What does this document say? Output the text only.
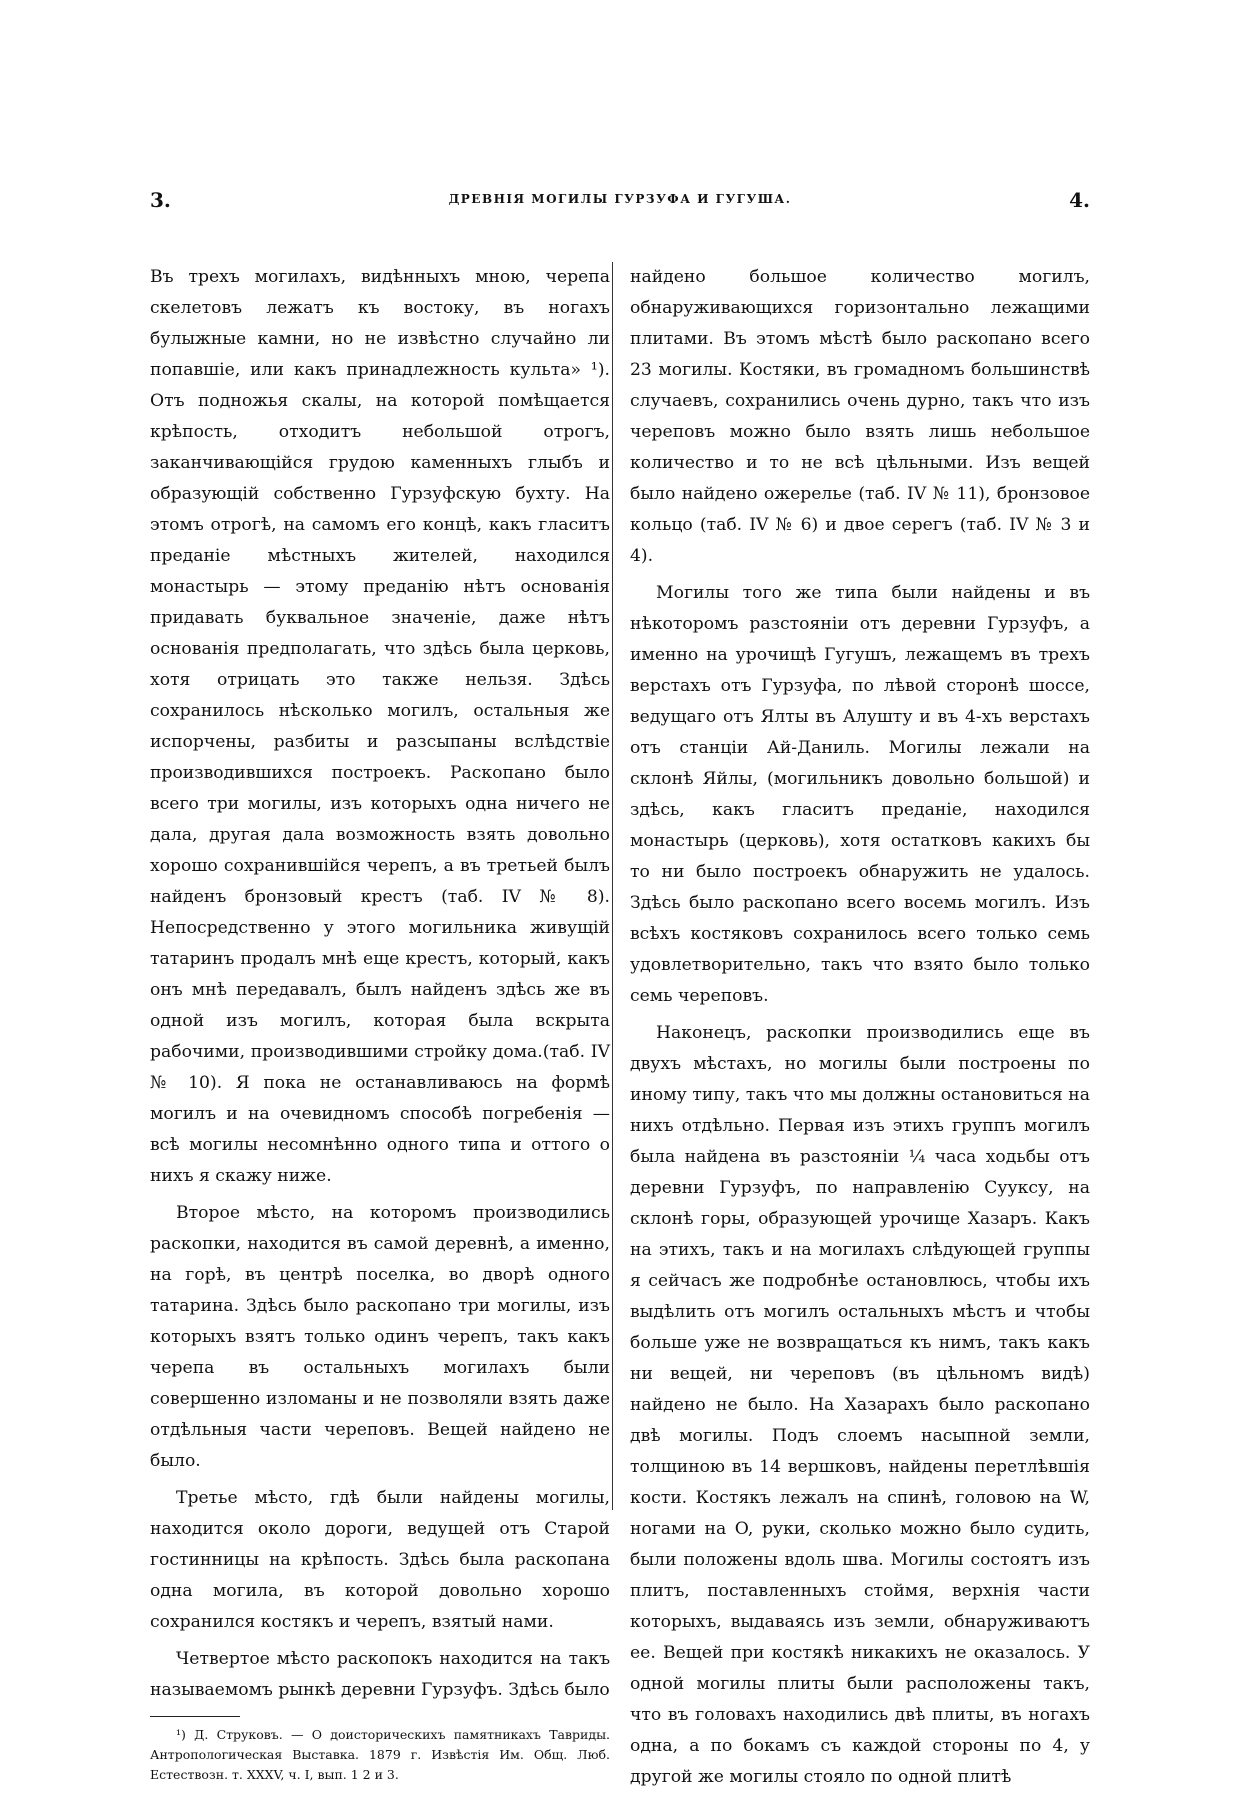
3.	ДРЕВНІЯ МОГИЛЫ ГУРЗУФА И ГУГУША.	4.

Въ трехъ могилахъ, видѣнныхъ мною, черепа скелетовъ лежатъ къ востоку, въ ногахъ булыжные камни, но не извѣстно случайно ли попавшіе, или какъ принадлежность культа» ¹). Отъ подножья скалы, на которой помѣщается крѣпость, отходитъ небольшой отрогъ, заканчивающійся грудою каменныхъ глыбъ и образующій собственно Гурзуфскую бухту. На этомъ отрогѣ, на самомъ его концѣ, какъ гласитъ преданіе мѣстныхъ жителей, находился монастырь — этому преданію нѣтъ основанія придавать буквальное значеніе, даже нѣтъ основанія предполагать, что здѣсь была церковь, хотя отрицать это также нельзя. Здѣсь сохранилось нѣсколько могилъ, остальныя же испорчены, разбиты и разсыпаны вслѣдствіе производившихся построекъ. Раскопано было всего три могилы, изъ которыхъ одна ничего не дала, другая дала возможность взять довольно хорошо сохранившійся черепъ, а въ третьей былъ найденъ бронзовый крестъ (таб. IV № 8). Непосредственно у этого могильника живущій татаринъ продалъ мнѣ еще крестъ, который, какъ онъ мнѣ передавалъ, былъ найденъ здѣсь же въ одной изъ могилъ, которая была вскрыта рабочими, производившими стройку дома.(таб. IV № 10). Я пока не останавливаюсь на формѣ могилъ и на очевидномъ способѣ погребенія — всѣ могилы несомнѣнно одного типа и оттого о нихъ я скажу ниже.

Второе мѣсто, на которомъ производились раскопки, находится въ самой деревнѣ, а именно, на горѣ, въ центрѣ поселка, во дворѣ одного татарина. Здѣсь было раскопано три могилы, изъ которыхъ взятъ только одинъ черепъ, такъ какъ черепа въ остальныхъ могилахъ были совершенно изломаны и не позволяли взять даже отдѣльныя части череповъ. Вещей найдено не было.

Третье мѣсто, гдѣ были найдены могилы, находится около дороги, ведущей отъ Старой гостинницы на крѣпость. Здѣсь была раскопана одна могила, въ которой довольно хорошо сохранился костякъ и черепъ, взятый нами.

Четвертое мѣсто раскопокъ находится на такъ называемомъ рынкѣ деревни Гурзуфъ. Здѣсь было

¹) Д. Струковъ. — О доисторическихъ памятникахъ Тавриды. Антропологическая Выставка. 1879 г. Извѣстія Им. Общ. Люб. Естествозн. т. XXXV, ч. I, вып. 1 2 и 3.

найдено большое количество могилъ, обнаруживающихся горизонтально лежащими плитами. Въ этомъ мѣстѣ было раскопано всего 23 могилы. Костяки, въ громадномъ большинствѣ случаевъ, сохранились очень дурно, такъ что изъ череповъ можно было взять лишь небольшое количество и то не всѣ цѣльными. Изъ вещей было найдено ожерелье (таб. IV № 11), бронзовое кольцо (таб. IV № 6) и двое серегъ (таб. IV № 3 и 4).

Могилы того же типа были найдены и въ нѣкоторомъ разстояніи отъ деревни Гурзуфъ, а именно на урочищѣ Гугушъ, лежащемъ въ трехъ верстахъ отъ Гурзуфа, по лѣвой сторонѣ шоссе, ведущаго отъ Ялты въ Алушту и въ 4-хъ верстахъ отъ станціи Ай-Даниль. Могилы лежали на склонѣ Яйлы, (могильникъ довольно большой) и здѣсь, какъ гласитъ преданіе, находился монастырь (церковь), хотя остатковъ какихъ бы то ни было построекъ обнаружить не удалось. Здѣсь было раскопано всего восемь могилъ. Изъ всѣхъ костяковъ сохранилось всего только семь удовлетворительно, такъ что взято было только семь череповъ.

Наконецъ, раскопки производились еще въ двухъ мѣстахъ, но могилы были построены по иному типу, такъ что мы должны остановиться на нихъ отдѣльно. Первая изъ этихъ группъ могилъ была найдена въ разстояніи ¼ часа ходьбы отъ деревни Гурзуфъ, по направленію Сууксу, на склонѣ горы, образующей урочище Хазаръ. Какъ на этихъ, такъ и на могилахъ слѣдующей группы я сейчасъ же подробнѣе остановлюсь, чтобы ихъ выдѣлить отъ могилъ остальныхъ мѣстъ и чтобы больше уже не возвращаться къ нимъ, такъ какъ ни вещей, ни череповъ (въ цѣльномъ видѣ) найдено не было. На Хазарахъ было раскопано двѣ могилы. Подъ слоемъ насыпной земли, толщиною въ 14 вершковъ, найдены перетлѣвшія кости. Костякъ лежалъ на спинѣ, головою на W, ногами на O, руки, сколько можно было судить, были положены вдоль шва. Могилы состоятъ изъ плитъ, поставленныхъ стоймя, верхнія части которыхъ, выдаваясь изъ земли, обнаруживаютъ ее. Вещей при костякѣ никакихъ не оказалось. У одной могилы плиты были расположены такъ, что въ головахъ находились двѣ плиты, въ ногахъ одна, а по бокамъ съ каждой стороны по 4, у другой же могилы стояло по одной плитѣ
